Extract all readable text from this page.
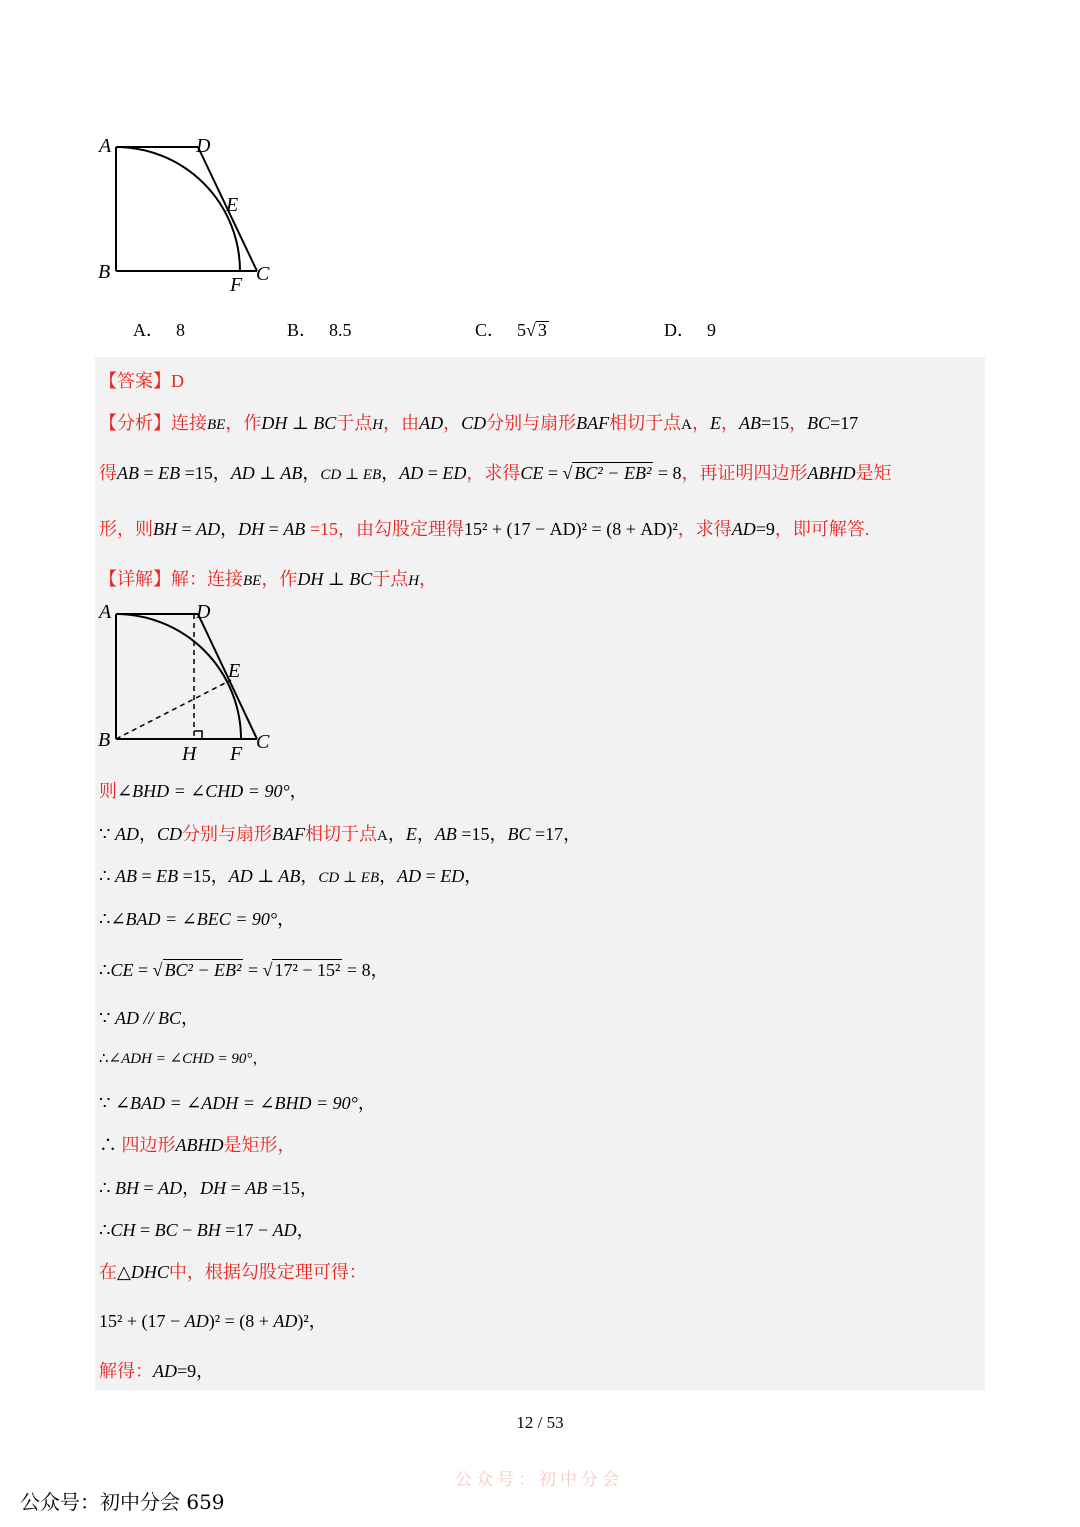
A	D
E
B
F C
A． 8	B． 8.5	C． 5√ 3	D． 9
【答案】D
【分析】连接BE，作DH ⊥ BC于点H，由AD，CD分别与扇形BAF相切于点A，E，AB=15，BC=17
得AB = EB =15，AD ⊥ AB，CD ⊥ EB，AD = ED，求得CE = √ BC² − EB² = 8，再证明四边形ABHD是矩
形，则BH = AD，DH = AB =15，由勾股定理得15² + (17 − AD)² = (8 + AD)²，求得AD=9，即可解答.
【详解】解：连接BE，作DH ⊥ BC于点H，
A	D
E
B
H F
C
则∠BHD = ∠CHD = 90°，
∵ AD，CD分别与扇形BAF相切于点A，E，AB =15，BC =17，
∴ AB = EB =15，AD ⊥ AB，CD ⊥ EB，AD = ED，
∴∠BAD = ∠BEC = 90°，
∴CE = √ BC² − EB² = √ 17² − 15² = 8，
∵ AD // BC，
∴∠ADH = ∠CHD = 90°，
∵ ∠BAD = ∠ADH = ∠BHD = 90°，
∴ 四边形ABHD是矩形，
∴ BH = AD，DH = AB =15，
∴CH = BC − BH =17 − AD，
在△DHC中，根据勾股定理可得：
15² + (17 − AD)² = (8 + AD)²，
解得：AD=9，
12 / 53
公众号：初中分会
公众号：初中分会 659
